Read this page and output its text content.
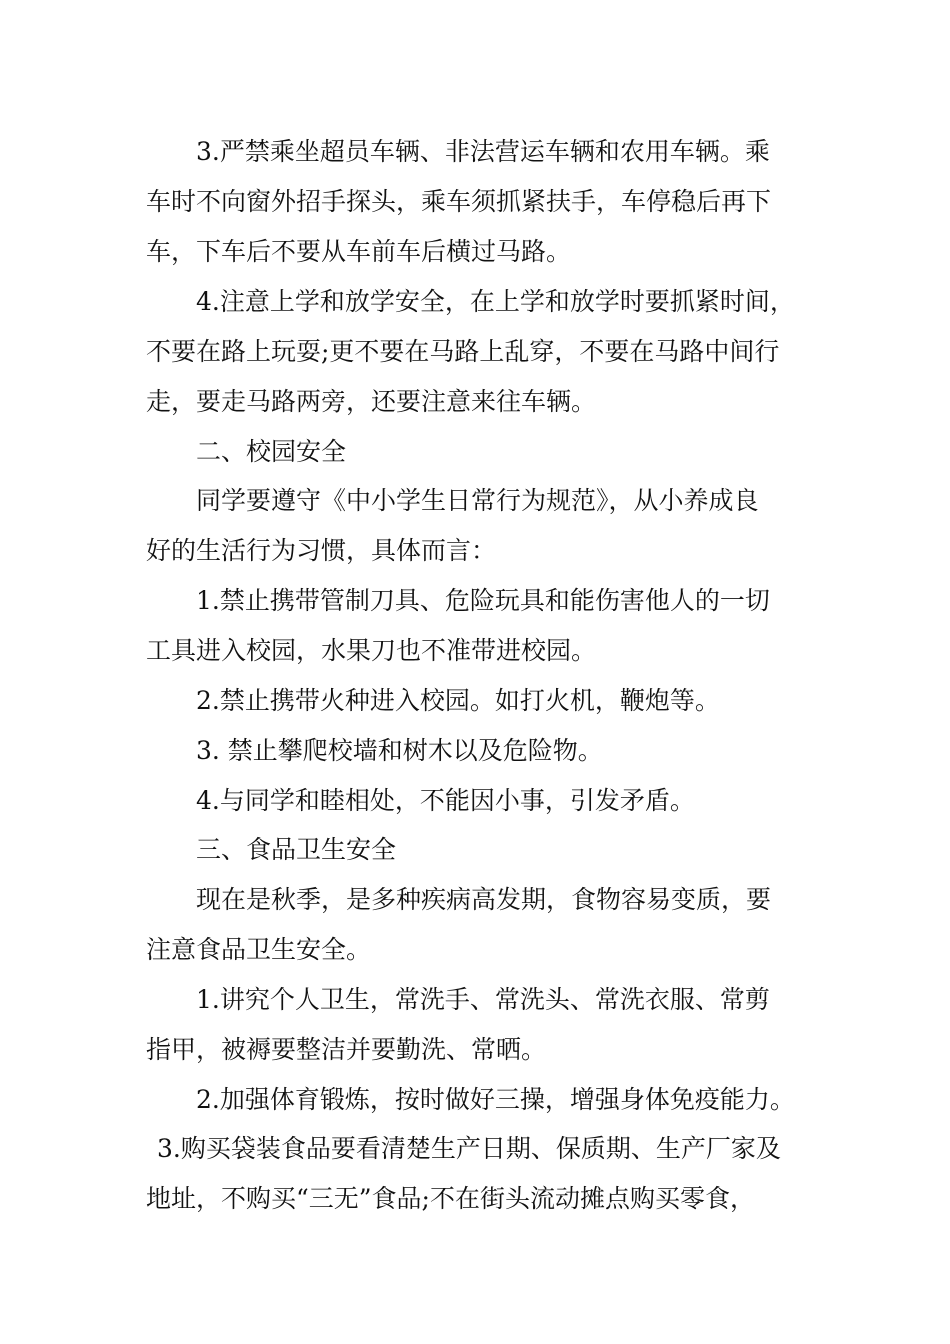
3.严禁乘坐超员车辆、非法营运车辆和农用车辆。乘
车时不向窗外招手探头，乘车须抓紧扶手，车停稳后再下
车，下车后不要从车前车后横过马路。
4.注意上学和放学安全，在上学和放学时要抓紧时间，
不要在路上玩耍;更不要在马路上乱穿，不要在马路中间行
走，要走马路两旁，还要注意来往车辆。
二、校园安全
同学要遵守《中小学生日常行为规范》，从小养成良
好的生活行为习惯，具体而言：
1.禁止携带管制刀具、危险玩具和能伤害他人的一切
工具进入校园，水果刀也不准带进校园。
2.禁止携带火种进入校园。如打火机，鞭炮等。
3. 禁止攀爬校墙和树木以及危险物。
4.与同学和睦相处，不能因小事，引发矛盾。
三、食品卫生安全
现在是秋季，是多种疾病高发期，食物容易变质，要
注意食品卫生安全。
1.讲究个人卫生，常洗手、常洗头、常洗衣服、常剪
指甲，被褥要整洁并要勤洗、常晒。
2.加强体育锻炼，按时做好三操，增强身体免疫能力。
3.购买袋装食品要看清楚生产日期、保质期、生产厂家及
地址，不购买“三无”食品;不在街头流动摊点购买零食，
